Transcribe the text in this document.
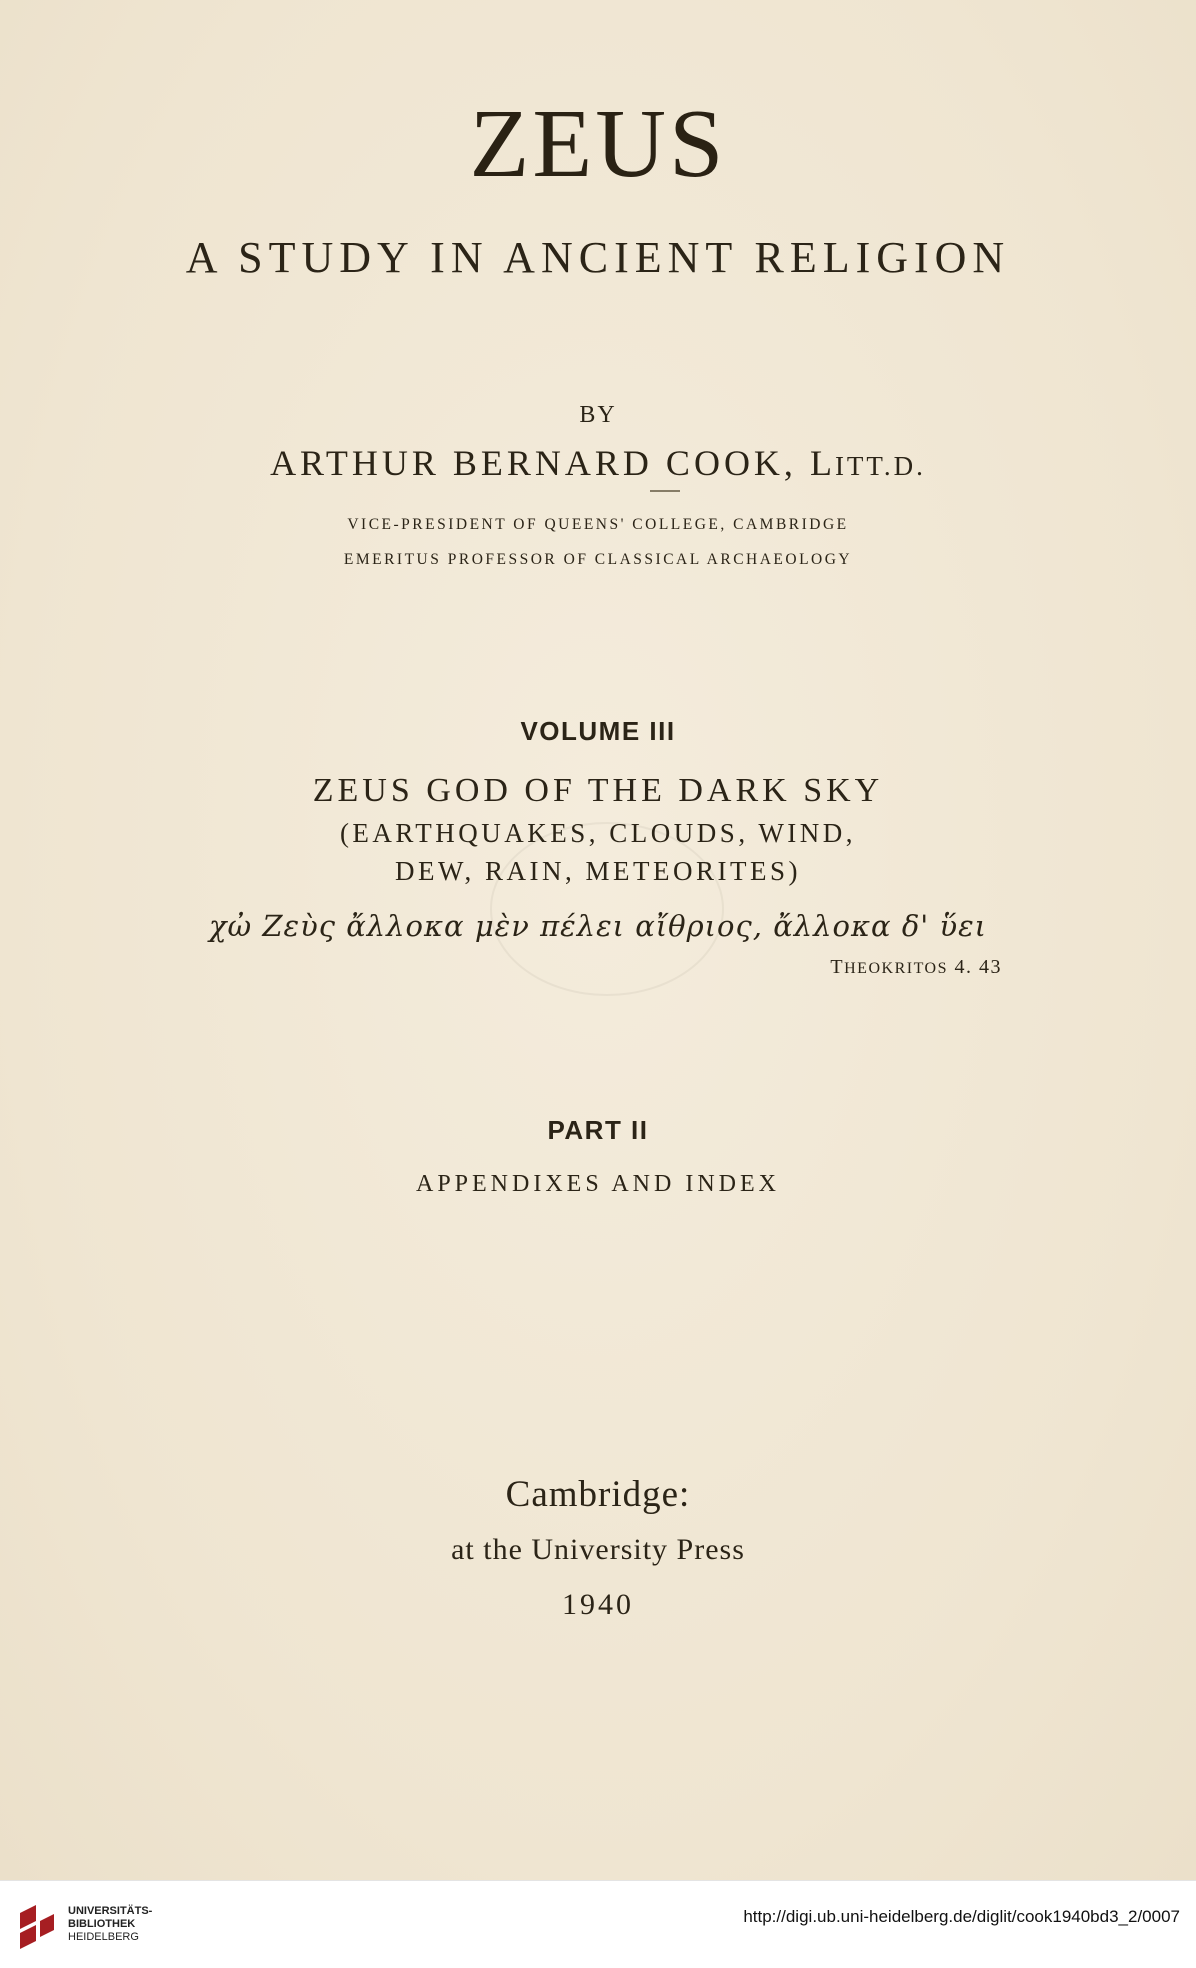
ZEUS
A STUDY IN ANCIENT RELIGION
BY
ARTHUR BERNARD COOK, LITT.D.
VICE-PRESIDENT OF QUEENS' COLLEGE, CAMBRIDGE
EMERITUS PROFESSOR OF CLASSICAL ARCHAEOLOGY
VOLUME III
ZEUS GOD OF THE DARK SKY
(EARTHQUAKES, CLOUDS, WIND,
DEW, RAIN, METEORITES)
χὠ Ζεὺς ἄλλοκα μὲν πέλει αἴθριος, ἄλλοκα δ' ὕει
THEOKRITOS 4. 43
PART II
APPENDIXES AND INDEX
Cambridge:
at the University Press
1940
UNIVERSITÄTS-
BIBLIOTHEK
HEIDELBERG
http://digi.ub.uni-heidelberg.de/diglit/cook1940bd3_2/0007
